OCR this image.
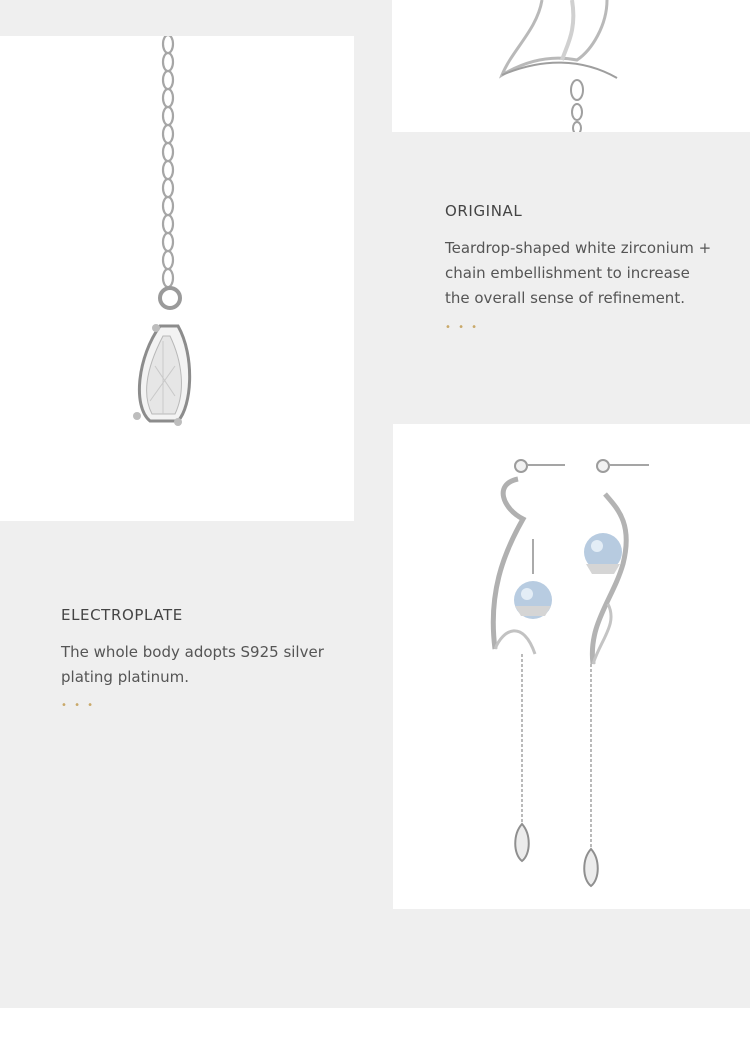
ORIGINAL
Teardrop-shaped white zirconium +
chain embellishment to increase
the overall sense of refinement.
• • •
ELECTROPLATE
The whole body adopts S925 silver
plating platinum.
• • •
